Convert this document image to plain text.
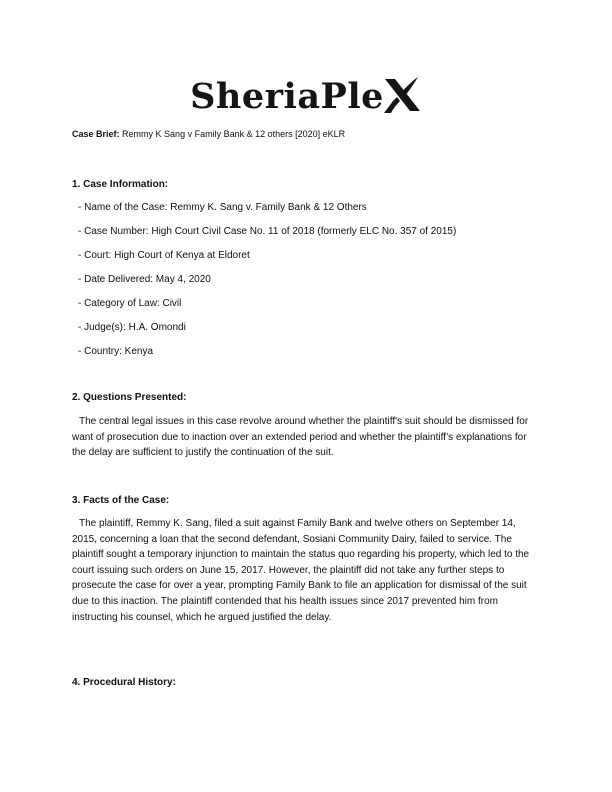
SheriaPle
Case Brief: Remmy K Sang v Family Bank & 12 others [2020] eKLR
1. Case Information:
- Name of the Case: Remmy K. Sang v. Family Bank & 12 Others
- Case Number: High Court Civil Case No. 11 of 2018 (formerly ELC No. 357 of 2015)
- Court: High Court of Kenya at Eldoret
- Date Delivered: May 4, 2020
- Category of Law: Civil
- Judge(s): H.A. Omondi
- Country: Kenya
2. Questions Presented:

The central legal issues in this case revolve around whether the plaintiff's suit should be dismissed for want of prosecution due to inaction over an extended period and whether the plaintiff’s explanations for the delay are sufficient to justify the continuation of the suit.

3. Facts of the Case:

The plaintiff, Remmy K. Sang, filed a suit against Family Bank and twelve others on September 14, 2015, concerning a loan that the second defendant, Sosiani Community Dairy, failed to service. The plaintiff sought a temporary injunction to maintain the status quo regarding his property, which led to the court issuing such orders on June 15, 2017. However, the plaintiff did not take any further steps to prosecute the case for over a year, prompting Family Bank to file an application for dismissal of the suit due to this inaction. The plaintiff contended that his health issues since 2017 prevented him from instructing his counsel, which he argued justified the delay.

4. Procedural History:
